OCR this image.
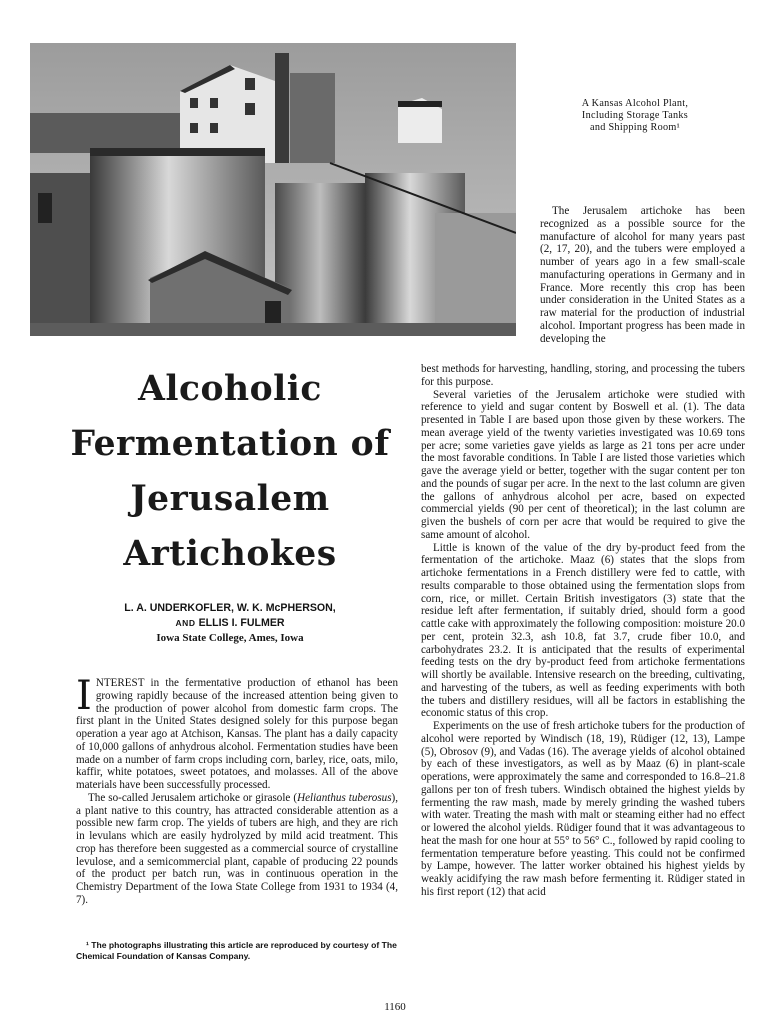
A Kansas Alcohol Plant,
Including Storage Tanks
and Shipping Room¹

The Jerusalem artichoke has been recognized as a possible source for the manufacture of alcohol for many years past (2, 17, 20), and the tubers were employed a number of years ago in a few small-scale manufacturing operations in Germany and in France. More recently this crop has been under consideration in the United States as a raw material for the production of industrial alcohol. Important progress has been made in developing the

Alcoholic
Fermentation of
Jerusalem
Artichokes
L. A. UNDERKOFLER, W. K. McPHERSON,
AND ELLIS I. FULMER
Iowa State College, Ames, Iowa

INTEREST in the fermentative production of ethanol has been growing rapidly because of the increased attention being given to the production of power alcohol from domestic farm crops. The first plant in the United States designed solely for this purpose began operation a year ago at Atchison, Kansas. The plant has a daily capacity of 10,000 gallons of anhydrous alcohol. Fermentation studies have been made on a number of farm crops including corn, barley, rice, oats, milo, kaffir, white potatoes, sweet potatoes, and molasses. All of the above materials have been successfully processed.

The so-called Jerusalem artichoke or girasole (Helianthus tuberosus), a plant native to this country, has attracted considerable attention as a possible new farm crop. The yields of tubers are high, and they are rich in levulans which are easily hydrolyzed by mild acid treatment. This crop has therefore been suggested as a commercial source of crystalline levulose, and a semicommercial plant, capable of producing 22 pounds of the product per batch run, was in continuous operation in the Chemistry Department of the Iowa State College from 1931 to 1934 (4, 7).

¹ The photographs illustrating this article are reproduced by courtesy of The Chemical Foundation of Kansas Company.

best methods for harvesting, handling, storing, and processing the tubers for this purpose.

Several varieties of the Jerusalem artichoke were studied with reference to yield and sugar content by Boswell et al. (1). The data presented in Table I are based upon those given by these workers. The mean average yield of the twenty varieties investigated was 10.69 tons per acre; some varieties gave yields as large as 21 tons per acre under the most favorable conditions. In Table I are listed those varieties which gave the average yield or better, together with the sugar content per ton and the pounds of sugar per acre. In the next to the last column are given the gallons of anhydrous alcohol per acre, based on expected commercial yields (90 per cent of theoretical); in the last column are given the bushels of corn per acre that would be required to give the same amount of alcohol.

Little is known of the value of the dry by-product feed from the fermentation of the artichoke. Maaz (6) states that the slops from artichoke fermentations in a French distillery were fed to cattle, with results comparable to those obtained using the fermentation slops from corn, rice, or millet. Certain British investigators (3) state that the residue left after fermentation, if suitably dried, should form a good cattle cake with approximately the following composition: moisture 20.0 per cent, protein 32.3, ash 10.8, fat 3.7, crude fiber 10.0, and carbohydrates 23.2. It is anticipated that the results of experimental feeding tests on the dry by-product feed from artichoke fermentations will shortly be available. Intensive research on the breeding, cultivating, and harvesting of the tubers, as well as feeding experiments with both the tubers and distillery residues, will all be factors in establishing the economic status of this crop.

Experiments on the use of fresh artichoke tubers for the production of alcohol were reported by Windisch (18, 19), Rüdiger (12, 13), Lampe (5), Obrosov (9), and Vadas (16). The average yields of alcohol obtained by each of these investigators, as well as by Maaz (6) in plant-scale operations, were approximately the same and corresponded to 16.8–21.8 gallons per ton of fresh tubers. Windisch obtained the highest yields by fermenting the raw mash, made by merely grinding the washed tubers with water. Treating the mash with malt or steaming either had no effect or lowered the alcohol yields. Rüdiger found that it was advantageous to heat the mash for one hour at 55° to 56° C., followed by rapid cooling to fermentation temperature before yeasting. This could not be confirmed by Lampe, however. The latter worker obtained his highest yields by weakly acidifying the raw mash before fermenting it. Rüdiger stated in his first report (12) that acid

1160
